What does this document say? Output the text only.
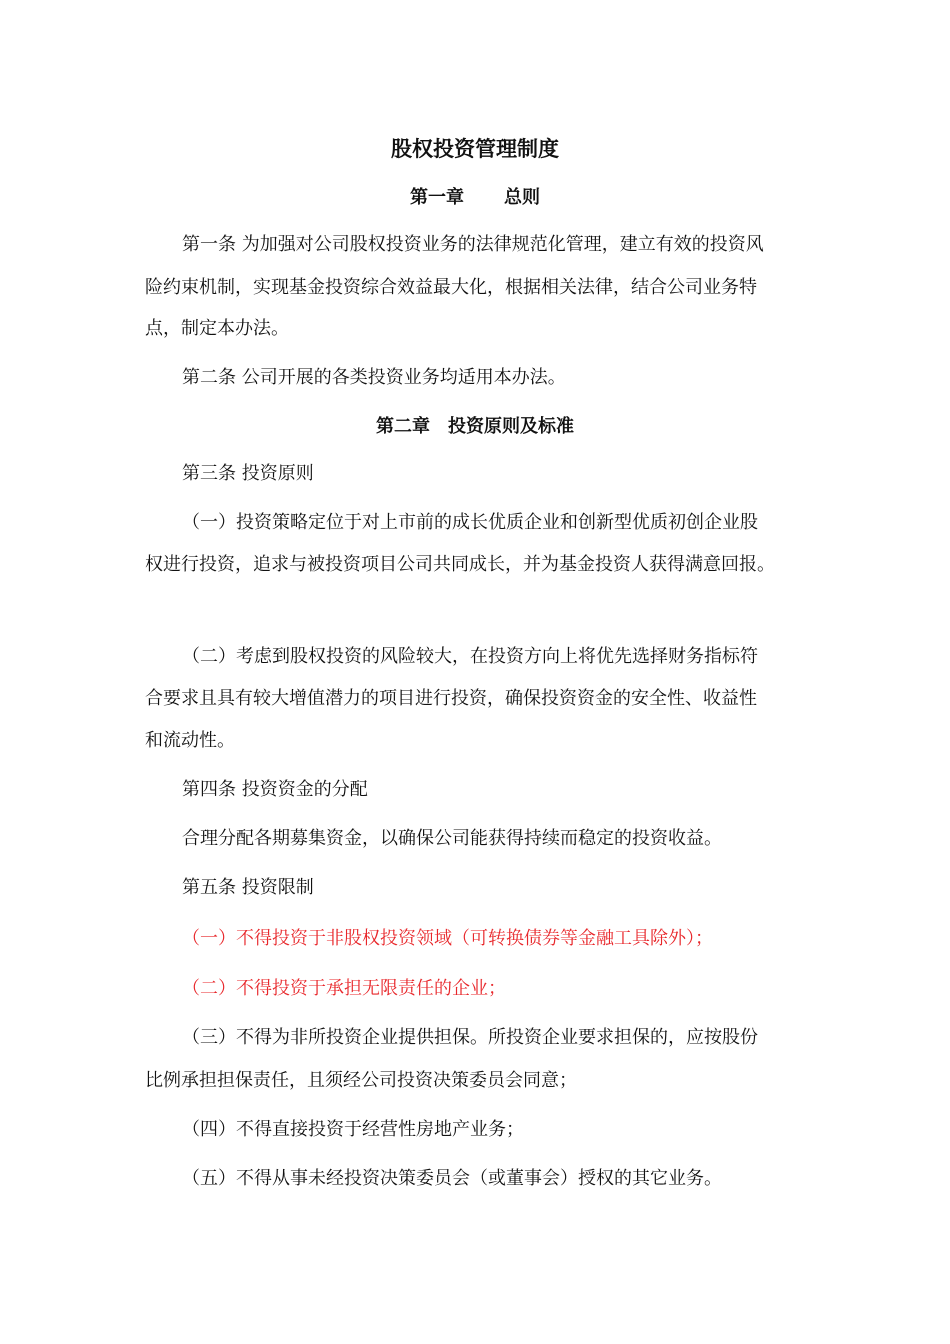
股权投资管理制度
第一章 总则
第一条 为加强对公司股权投资业务的法律规范化管理，建立有效的投资风
险约束机制，实现基金投资综合效益最大化，根据相关法律，结合公司业务特
点，制定本办法。
第二条 公司开展的各类投资业务均适用本办法。
第二章 投资原则及标准
第三条 投资原则
（一）投资策略定位于对上市前的成长优质企业和创新型优质初创企业股
权进行投资，追求与被投资项目公司共同成长，并为基金投资人获得满意回报。
（二）考虑到股权投资的风险较大，在投资方向上将优先选择财务指标符
合要求且具有较大增值潜力的项目进行投资，确保投资资金的安全性、收益性
和流动性。
第四条 投资资金的分配
合理分配各期募集资金，以确保公司能获得持续而稳定的投资收益。
第五条 投资限制
（一）不得投资于非股权投资领域（可转换债券等金融工具除外）；
（二）不得投资于承担无限责任的企业；
（三）不得为非所投资企业提供担保。所投资企业要求担保的，应按股份
比例承担担保责任，且须经公司投资决策委员会同意；
（四）不得直接投资于经营性房地产业务；
（五）不得从事未经投资决策委员会（或董事会）授权的其它业务。
